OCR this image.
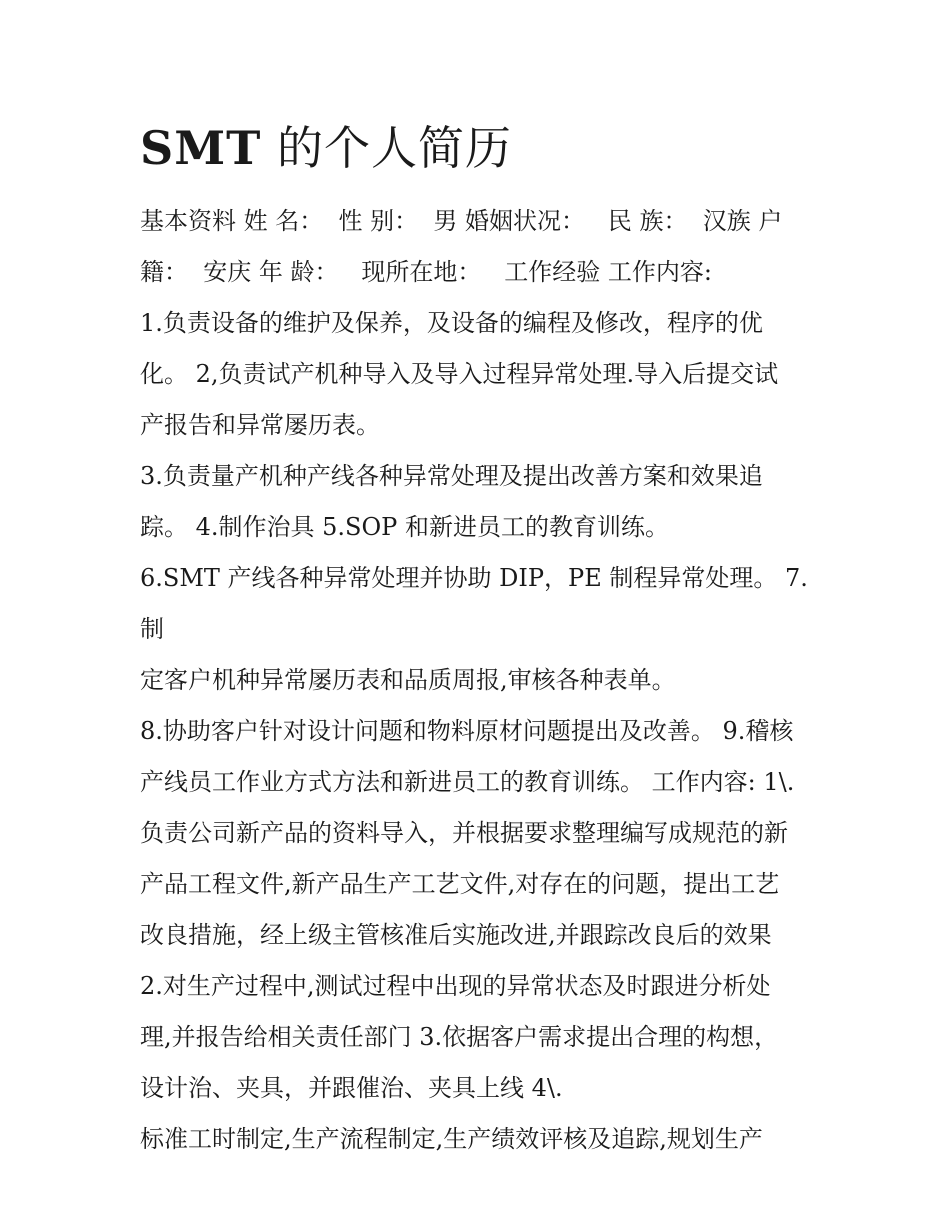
SMT 的个人简历

基本资料 姓 名：  性 别：  男 婚姻状况：   民 族：  汉族 户

籍：  安庆 年 龄：   现所在地：   工作经验 工作内容:

1.负责设备的维护及保养，及设备的编程及修改，程序的优

化。 2,负责试产机种导入及导入过程异常处理.导入后提交试

产报告和异常屡历表。

3.负责量产机种产线各种异常处理及提出改善方案和效果追

踪。 4.制作治具 5.SOP 和新进员工的教育训练。

6.SMT 产线各种异常处理并协助 DIP，PE 制程异常处理。 7.制

定客户机种异常屡历表和品质周报,审核各种表单。

8.协助客户针对设计问题和物料原材问题提出及改善。 9.稽核

产线员工作业方式方法和新进员工的教育训练。 工作内容: 1\.

负责公司新产品的资料导入，并根据要求整理编写成规范的新

产品工程文件,新产品生产工艺文件,对存在的问题，提出工艺

改良措施，经上级主管核准后实施改进,并跟踪改良后的效果

2.对生产过程中,测试过程中出现的异常状态及时跟进分析处

理,并报告给相关责任部门 3.依据客户需求提出合理的构想，

设计治、夹具，并跟催治、夹具上线 4\.

标准工时制定,生产流程制定,生产绩效评核及追踪,规划生产
